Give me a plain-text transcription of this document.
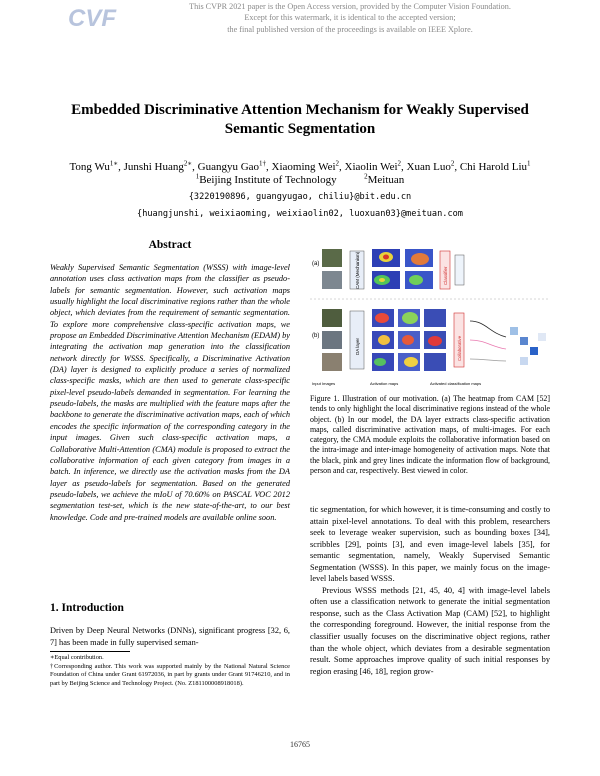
CVF	This CVPR 2021 paper is the Open Access version, provided by the Computer Vision Foundation.
Except for this watermark, it is identical to the accepted version;
the final published version of the proceedings is available on IEEE Xplore.
Embedded Discriminative Attention Mechanism for Weakly Supervised
Semantic Segmentation
Tong $Wu^{1∗}$, Junshi Huang$^{2∗}$, Guangyu Gao$^{1\dagger}$, Xiaoming Wei$^2$, Xiaolin Wei$^2$, Xuan Luo$^2$, Chi Harold Liu$^1$
$^1$Beijing Institute of Technology	$^2$Meituan
{3220190896, guangyugao, chiliu}@bit.edu.cn
{huangjunshi, weixiaoming, weixiaolin02, luoxuan03}@meituan.com
Abstract
Weakly Supervised Semantic Segmentation (WSSS) with image-level annotation uses class activation maps from the classifier as pseudo-labels for semantic segmentation. However, such activation maps usually highlight the local discriminative regions rather than the whole object, which deviates from the requirement of semantic segmentation. To explore more comprehensive class-specific activation maps, we propose an Embedded Discriminative Attention Mechanism (EDAM) by integrating the activation map generation into the classification network directly for WSSS. Specifically, a Discriminative Activation (DA) layer is designed to explicitly produce a series of normalized class-specific masks, which are then used to generate class-specific pixel-level pseudo-labels demanded in segmentation. For learning the pseudo-labels, the masks are multiplied with the feature maps after the backbone to generate the discriminative activation maps, each of which encodes the specific information of the corresponding category in the input images. Given such class-specific activation maps, a Collaborative Multi-Attention (CMA) module is proposed to extract the collaborative information of each given category from images in a batch. In inference, we directly use the activation masks from the DA layer as pseudo-labels for segmentation. Based on the generated pseudo-labels, we achieve the mIoU of 70.60% on PASCAL VOC 2012 segmentation test-set, which is the new state-of-the-art, to our best knowledge. Code and pre-trained models are available online soon.
1. Introduction
Driven by Deep Neural Networks (DNNs), significant progress [32, 6, 7] has been made in fully supervised seman-

∗Equal contribution.

†Corresponding author. This work was supported mainly by the National Natural Science Foundation of China under Grant 61972036, in part by grants under Grant 91746210, and in part by Beijing Science and Technology Project. (No. Z181100008918018).

(a)	CAM (Mechanism)	Classifier
(b)
DA layer	Collaborative
Input Images	Activation maps	Activated classification maps
Figure 1. Illustration of our motivation. (a) The heatmap from CAM [52] tends to only highlight the local discriminative regions instead of the whole object. (b) In our model, the DA layer extracts class-specific activation maps, called discriminative activation maps, of multi-images. For each category, the CMA module exploits the collaborative information based on the intra-image and inter-image homogeneity of activation maps. Note that the black, pink and grey lines indicate the information flow of background, person and car, respectively. Best viewed in color.

tic segmentation, for which however, it is time-consuming and costly to attain pixel-level annotations. To deal with this problem, researchers seek to leverage weaker supervision, such as bounding boxes [34], scribbles [29], points [3], and even image-level labels [35], for semantic segmentation, namely, Weakly Supervised Semantic Segmentation (WSSS). In this paper, we mainly focus on the image-level labels based WSSS.

Previous WSSS methods [21, 45, 40, 4] with image-level labels often use a classification network to generate the initial segmentation response, such as the Class Activation Map (CAM) [52], to highlight the corresponding foreground. However, the initial response from the classifier usually focuses on the discriminative object regions, rather than the whole object, which deviates from a desirable segmentation result. Some approaches improve quality of such initial responses by region erasing [46, 18], region grow-

16765
